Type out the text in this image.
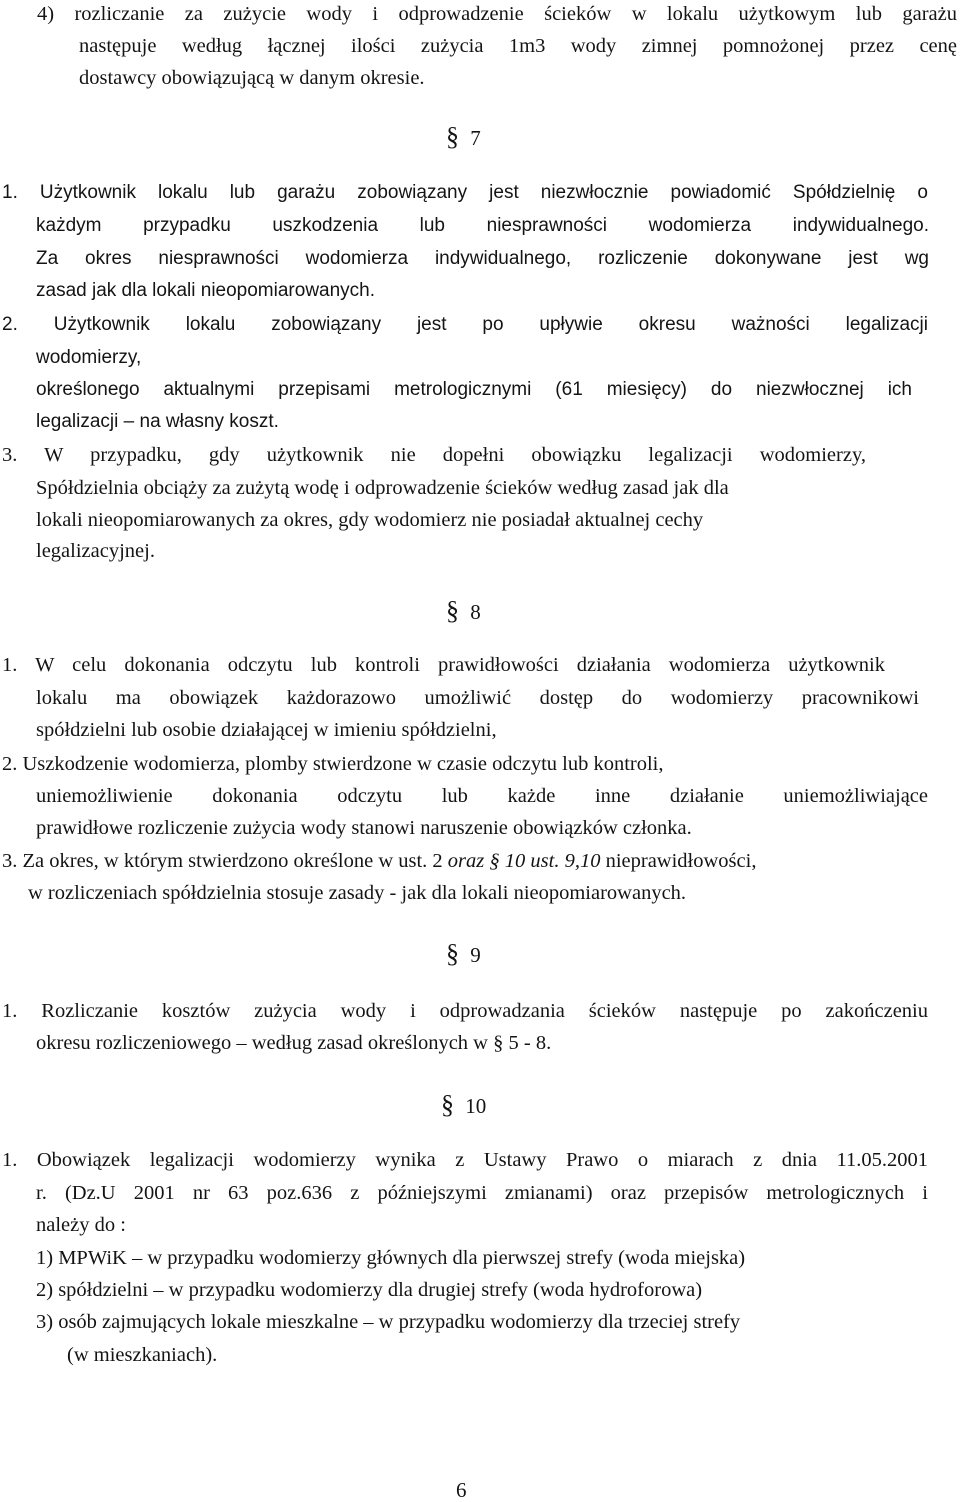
4) rozliczanie za zużycie wody i odprowadzenie ścieków w lokalu użytkowym lub garażu
następuje według łącznej ilości zużycia 1m3 wody zimnej pomnożonej przez cenę
dostawcy obowiązującą w danym okresie.
§ 7
1. Użytkownik lokalu lub garażu zobowiązany jest niezwłocznie powiadomić Spółdzielnię o
każdym przypadku uszkodzenia lub niesprawności wodomierza indywidualnego.
Za okres niesprawności wodomierza indywidualnego, rozliczenie dokonywane jest wg
zasad jak dla lokali nieopomiarowanych.
2. Użytkownik lokalu zobowiązany jest po upływie okresu ważności legalizacji
wodomierzy,
określonego aktualnymi przepisami metrologicznymi (61 miesięcy) do niezwłocznej ich
legalizacji – na własny koszt.
3. W przypadku, gdy użytkownik nie dopełni obowiązku legalizacji wodomierzy,
Spółdzielnia obciąży za zużytą wodę i odprowadzenie ścieków według zasad jak dla
lokali nieopomiarowanych za okres, gdy wodomierz nie posiadał aktualnej cechy
legalizacyjnej.
§ 8
1. W celu dokonania odczytu lub kontroli prawidłowości działania wodomierza użytkownik
lokalu ma obowiązek każdorazowo umożliwić dostęp do wodomierzy pracownikowi
spółdzielni lub osobie działającej w imieniu spółdzielni,
2. Uszkodzenie wodomierza, plomby stwierdzone w czasie odczytu lub kontroli,
uniemożliwienie dokonania odczytu lub każde inne działanie uniemożliwiające
prawidłowe rozliczenie zużycia wody stanowi naruszenie obowiązków członka.
3. Za okres, w którym stwierdzono określone w ust. 2 oraz § 10 ust. 9,10 nieprawidłowości,
w rozliczeniach spółdzielnia stosuje zasady - jak dla lokali nieopomiarowanych.
§ 9
1. Rozliczanie kosztów zużycia wody i odprowadzania ścieków następuje po zakończeniu
okresu rozliczeniowego – według zasad określonych w § 5 - 8.
§ 10
1. Obowiązek legalizacji wodomierzy wynika z Ustawy Prawo o miarach z dnia 11.05.2001
r. (Dz.U 2001 nr 63 poz.636 z późniejszymi zmianami) oraz przepisów metrologicznych i
należy do :
1) MPWiK – w przypadku wodomierzy głównych dla pierwszej strefy (woda miejska)
2) spółdzielni – w przypadku wodomierzy dla drugiej strefy (woda hydroforowa)
3) osób zajmujących lokale mieszkalne – w przypadku wodomierzy dla trzeciej strefy
(w mieszkaniach).
6
